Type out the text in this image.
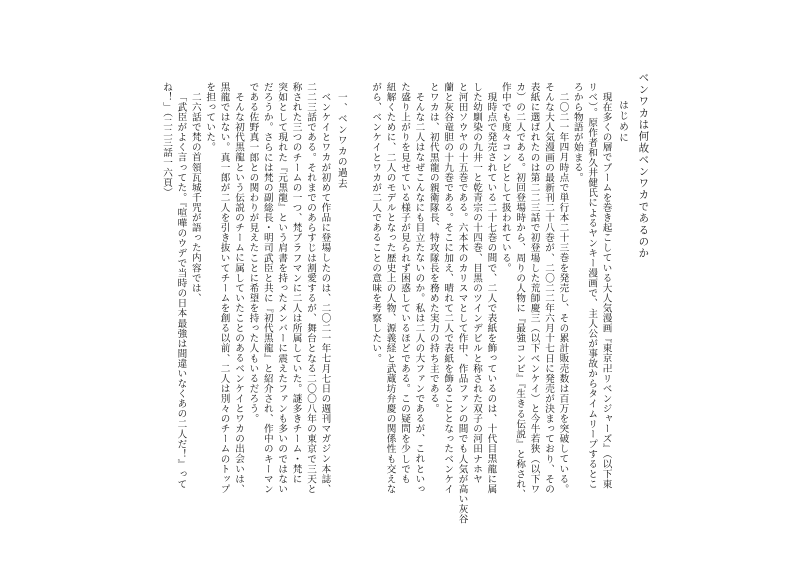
ベンワカは何故ベンワカであるのか

はじめに

現在多くの層でブームを巻き起こしている大人気漫画『東京卍リベンジャーズ』（以下東

リベ）。原作者和久井健氏によるヤンキー漫画で、主人公が事故からタイムリープするとこ

ろから物語が始まる。

二〇二一年四月時点で単行本二十三巻を発売し、その累計販売数は百万を突破している。

そんな大人気漫画の最新刊二十八巻が、二〇二二年六月十七日に発売が決まっており、その

表紙に選ばれたのは第二二三話で初登場した荒師慶三（以下ベンケイ）と今牛若狭（以下ワ

カ）の二人である。初回登場時から、周りの人物に『最強コンビ』『生きる伝説』と称され、

作中でも度々コンビとして扱われている。

現時点で発売されている二十七巻の間で、二人で表紙を飾っているのは、十代目黒龍に属

した幼馴染の九井一と乾青宗の十四巻、目黒のツインデビルと称された双子の河田ナホヤ

と河田ソウヤの十五巻である。六本木のカリスマとして作中、作品ファンの間でも人気が高い灰谷

蘭と灰谷竜胆の十九巻である。そこに加え、晴れて二人で表紙を飾ることとなったベンケイ

とワカは、初代黒龍の親衛隊長、特攻隊長を務めた実力の持ち主である。

そんな二人はなぜこんなにも目立たないのか。私は二人の大ファンであるが、これといっ

た盛り上がりを見せている様子が見られず困惑しているほどである。この疑問を少しでも

紐解くために、二人のモデルとなった歴史上の人物、源義経と武蔵坊弁慶の関係性も交えな

がら、ベンケイとワカが二人であることの意味を考察したい。

一、ベンワカの過去

ベンケイとワカが初めて作品に登場したのは、二〇二一年七月七日の週刊マガジン本誌、

二二三話である。それまでのあらすじは割愛するが、舞台となる二〇〇八年の東京で三天と

称された三つのチームの一つ、梵ブラフマンに二人は所属していた。謎多きチーム・梵に

突如として現れた『元黒龍』という肩書を持ったメンバーに震えたファンも多いのではない

だろうか。さらには梵の副総長・明司武臣と共に『初代黒龍』と紹介され、作中のキーマン

である佐野真一郎との関わりが見えたことに希望を持った人もいるだろう。

そんな初代黒龍という伝説のチームに属していたことのあるベンケイとワカの出会いは、

黒龍ではない。真一郎が二人を引き抜いてチームを創る以前、二人は別々のチームのトップ

を担っていた。

二六話で梵の首領瓦城千咒が語った内容では、

「武臣がよく言ってた。『喧嘩のウデで当時の日本最強は間違いなくあの二人だ！』って

ね！」（二二三話一六頁）
